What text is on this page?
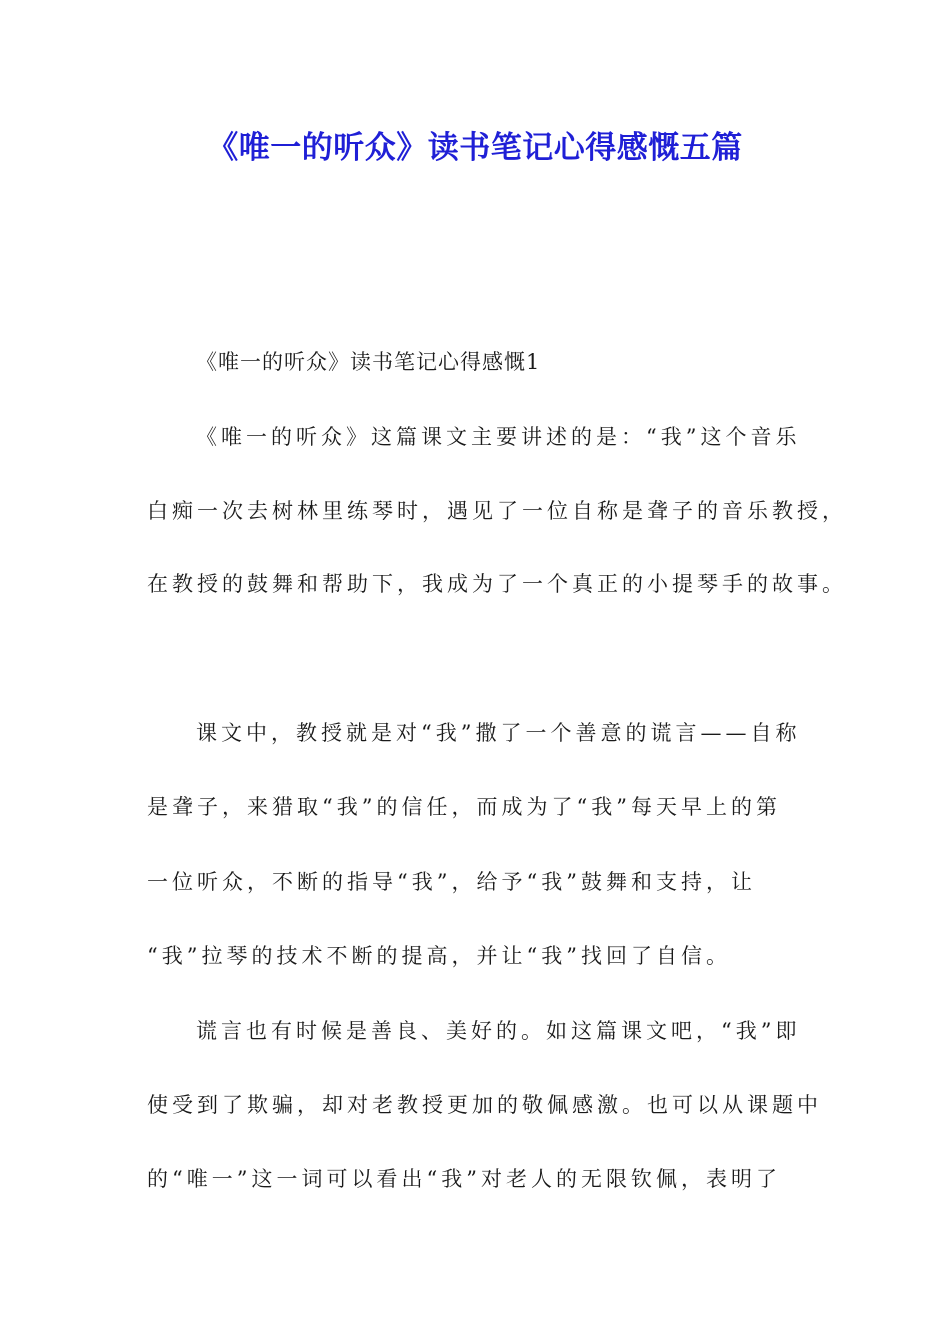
《唯一的听众》读书笔记心得感慨五篇

《唯一的听众》读书笔记心得感慨1

《唯一的听众》这篇课文主要讲述的是：“我”这个音乐

白痴一次去树林里练琴时，遇见了一位自称是聋子的音乐教授，

在教授的鼓舞和帮助下，我成为了一个真正的小提琴手的故事。

课文中，教授就是对“我”撒了一个善意的谎言——自称

是聋子，来猎取“我”的信任，而成为了“我”每天早上的第

一位听众，不断的指导“我”，给予“我”鼓舞和支持，让

“我”拉琴的技术不断的提高，并让“我”找回了自信。

谎言也有时候是善良、美好的。如这篇课文吧，“我”即

使受到了欺骗，却对老教授更加的敬佩感激。也可以从课题中

的“唯一”这一词可以看出“我”对老人的无限钦佩，表明了
